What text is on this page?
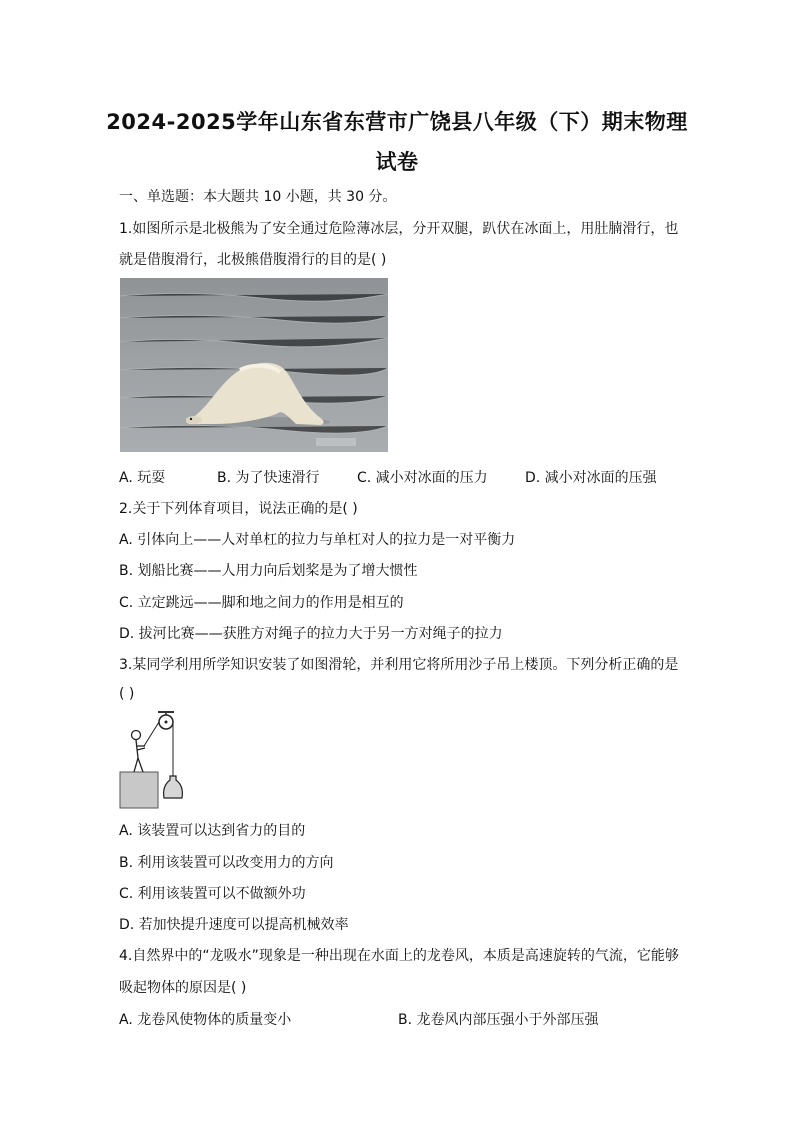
2024-2025学年山东省东营市广饶县八年级（下）期末物理
试卷
一、单选题：本大题共 10 小题，共 30 分。
1.如图所示是北极熊为了安全通过危险薄冰层，分开双腿，趴伏在冰面上，用肚腩滑行，也
就是借腹滑行，北极熊借腹滑行的目的是( )
A. 玩耍	B. 为了快速滑行	C. 减小对冰面的压力	D. 减小对冰面的压强
2.关于下列体育项目，说法正确的是( )
A. 引体向上——人对单杠的拉力与单杠对人的拉力是一对平衡力
B. 划船比赛——人用力向后划桨是为了增大惯性
C. 立定跳远——脚和地之间力的作用是相互的
D. 拔河比赛——获胜方对绳子的拉力大于另一方对绳子的拉力
3.某同学利用所学知识安装了如图滑轮，并利用它将所用沙子吊上楼顶。下列分析正确的是
( )
A. 该装置可以达到省力的目的
B. 利用该装置可以改变用力的方向
C. 利用该装置可以不做额外功
D. 若加快提升速度可以提高机械效率
4.自然界中的“龙吸水”现象是一种出现在水面上的龙卷风，本质是高速旋转的气流，它能够
吸起物体的原因是( )
A. 龙卷风使物体的质量变小	B. 龙卷风内部压强小于外部压强
